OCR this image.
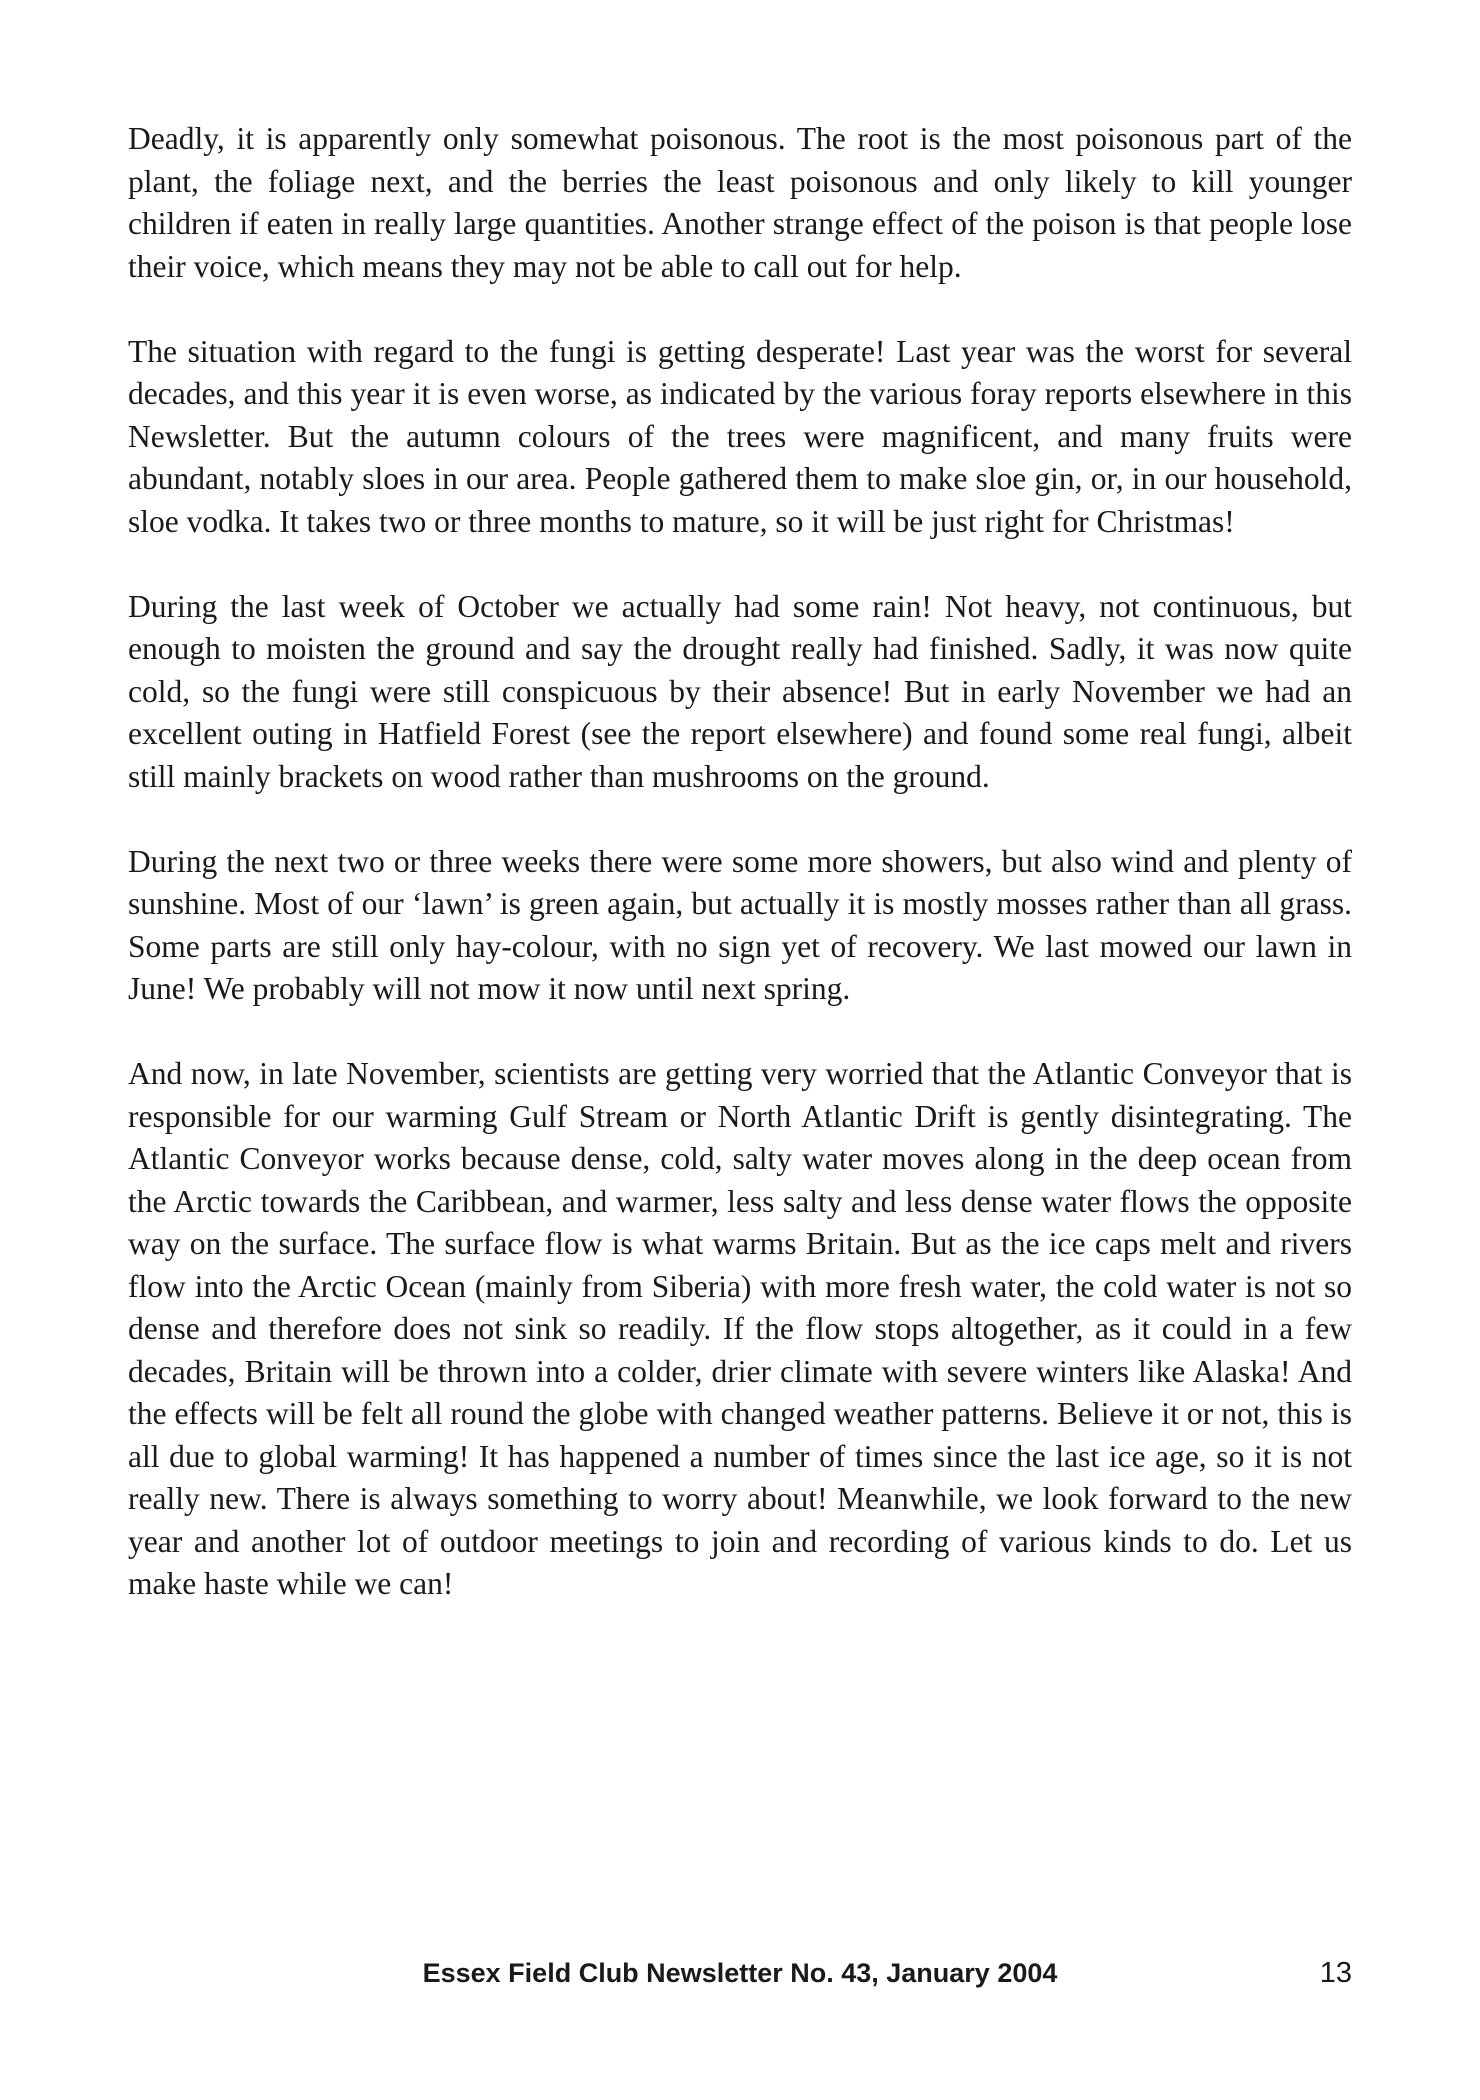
Deadly, it is apparently only somewhat poisonous. The root is the most poisonous part of the plant, the foliage next, and the berries the least poisonous and only likely to kill younger children if eaten in really large quantities. Another strange effect of the poison is that people lose their voice, which means they may not be able to call out for help.

The situation with regard to the fungi is getting desperate! Last year was the worst for several decades, and this year it is even worse, as indicated by the various foray reports elsewhere in this Newsletter. But the autumn colours of the trees were magnificent, and many fruits were abundant, notably sloes in our area. People gathered them to make sloe gin, or, in our household, sloe vodka. It takes two or three months to mature, so it will be just right for Christmas!

During the last week of October we actually had some rain! Not heavy, not continuous, but enough to moisten the ground and say the drought really had finished. Sadly, it was now quite cold, so the fungi were still conspicuous by their absence! But in early November we had an excellent outing in Hatfield Forest (see the report elsewhere) and found some real fungi, albeit still mainly brackets on wood rather than mushrooms on the ground.

During the next two or three weeks there were some more showers, but also wind and plenty of sunshine. Most of our ‘lawn’ is green again, but actually it is mostly mosses rather than all grass. Some parts are still only hay-colour, with no sign yet of recovery. We last mowed our lawn in June! We probably will not mow it now until next spring.

And now, in late November, scientists are getting very worried that the Atlantic Conveyor that is responsible for our warming Gulf Stream or North Atlantic Drift is gently disintegrating. The Atlantic Conveyor works because dense, cold, salty water moves along in the deep ocean from the Arctic towards the Caribbean, and warmer, less salty and less dense water flows the opposite way on the surface. The surface flow is what warms Britain. But as the ice caps melt and rivers flow into the Arctic Ocean (mainly from Siberia) with more fresh water, the cold water is not so dense and therefore does not sink so readily. If the flow stops altogether, as it could in a few decades, Britain will be thrown into a colder, drier climate with severe winters like Alaska! And the effects will be felt all round the globe with changed weather patterns. Believe it or not, this is all due to global warming! It has happened a number of times since the last ice age, so it is not really new. There is always something to worry about! Meanwhile, we look forward to the new year and another lot of outdoor meetings to join and recording of various kinds to do. Let us make haste while we can!

Essex Field Club Newsletter No. 43, January 2004	13
